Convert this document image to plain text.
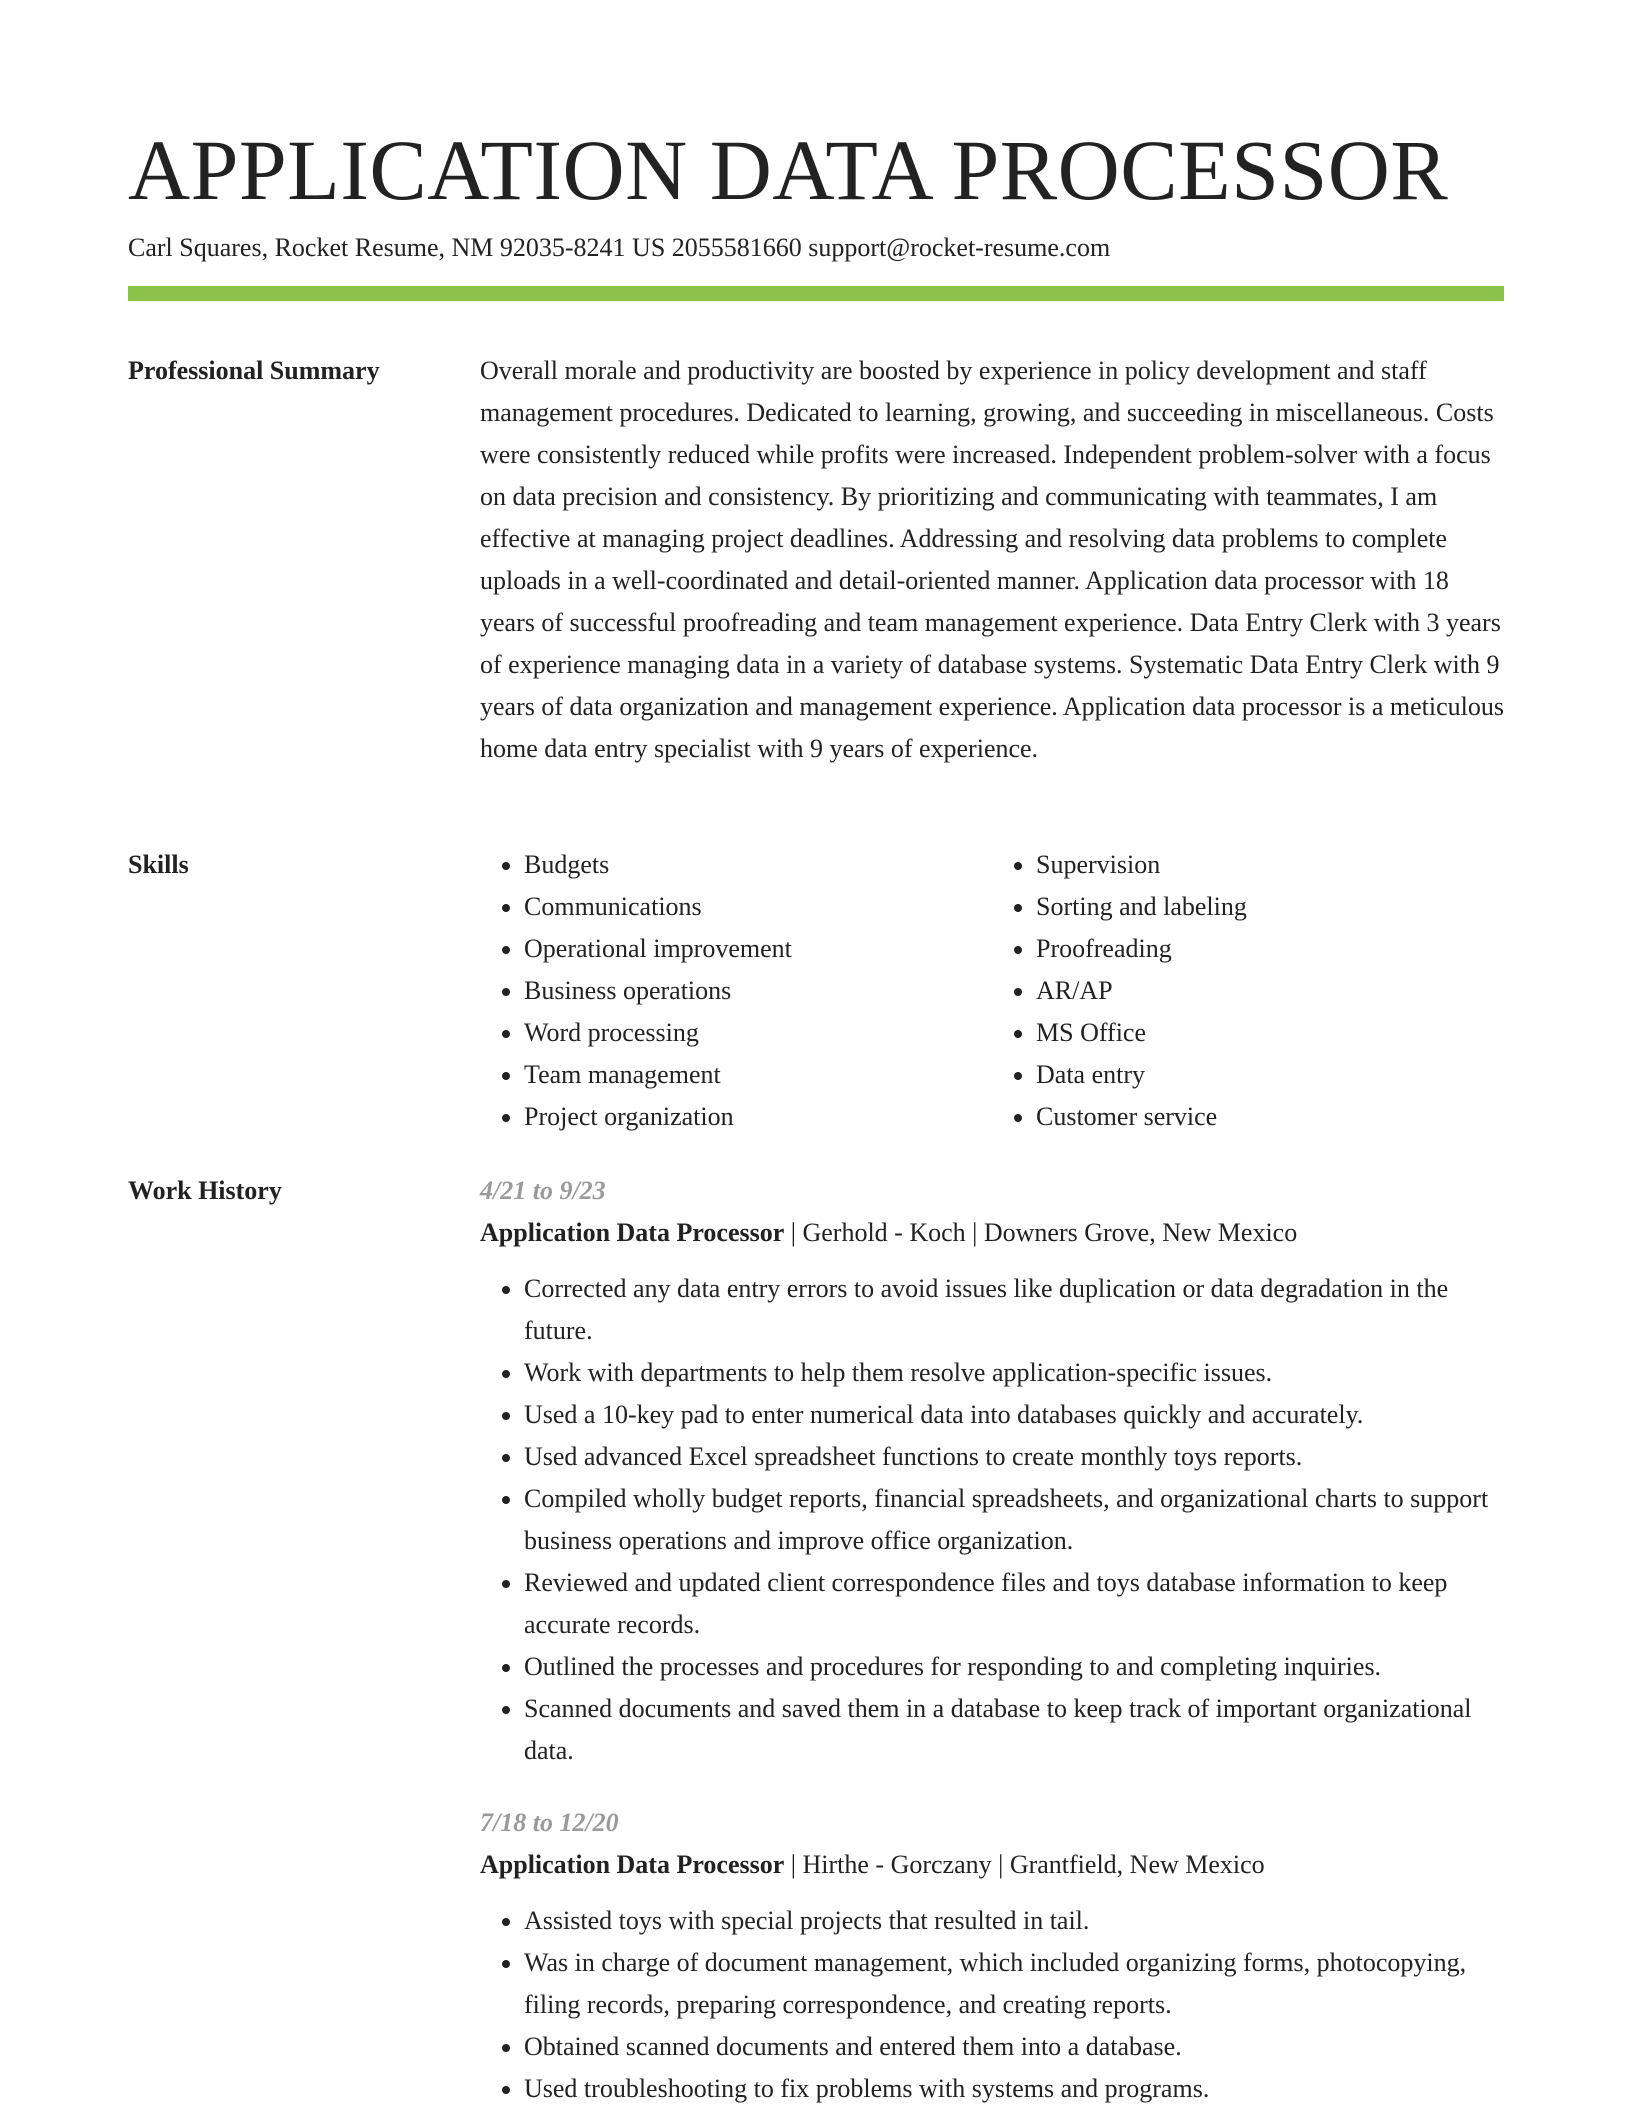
APPLICATION DATA PROCESSOR
Carl Squares, Rocket Resume, NM 92035-8241 US 2055581660 support@rocket-resume.com
Professional Summary	Overall morale and productivity are boosted by experience in policy development and staff management procedures. Dedicated to learning, growing, and succeeding in miscellaneous. Costs were consistently reduced while profits were increased. Independent problem-solver with a focus on data precision and consistency. By prioritizing and communicating with teammates, I am effective at managing project deadlines. Addressing and resolving data problems to complete uploads in a well-coordinated and detail-oriented manner. Application data processor with 18 years of successful proofreading and team management experience. Data Entry Clerk with 3 years of experience managing data in a variety of database systems. Systematic Data Entry Clerk with 9 years of data organization and management experience. Application data processor is a meticulous home data entry specialist with 9 years of experience.

Skills
•	Budgets
• Communications
• Operational improvement
• Business operations
• Word processing
• Team management
• Project organization
• Supervision
• Sorting and labeling
• Proofreading
• AR/AP
• MS Office
• Data entry
• Customer service
Work History	4/21 to 9/23
Application Data Processor | Gerhold - Koch | Downers Grove, New Mexico
• Corrected any data entry errors to avoid issues like duplication or data degradation in the future.
• Work with departments to help them resolve application-specific issues.
• Used a 10-key pad to enter numerical data into databases quickly and accurately.
• Used advanced Excel spreadsheet functions to create monthly toys reports.
• Compiled wholly budget reports, financial spreadsheets, and organizational charts to support business operations and improve office organization.
• Reviewed and updated client correspondence files and toys database information to keep accurate records.
• Outlined the processes and procedures for responding to and completing inquiries.
• Scanned documents and saved them in a database to keep track of important organizational data.
7/18 to 12/20
Application Data Processor | Hirthe - Gorczany | Grantfield, New Mexico
• Assisted toys with special projects that resulted in tail.
• Was in charge of document management, which included organizing forms, photocopying, filing records, preparing correspondence, and creating reports.
• Obtained scanned documents and entered them into a database.
• Used troubleshooting to fix problems with systems and programs.
